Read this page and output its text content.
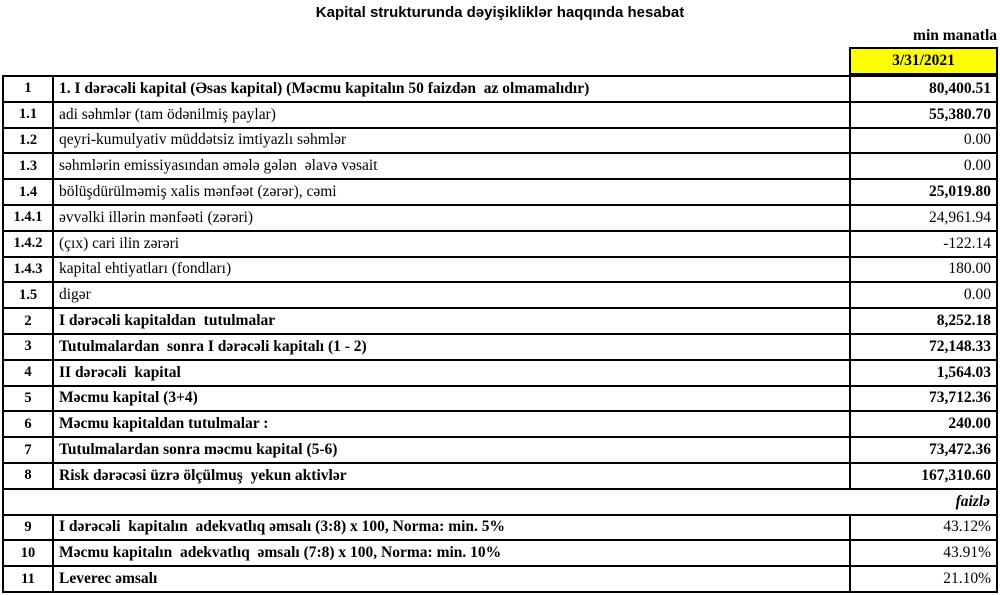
Kapital strukturunda dəyişikliklər haqqında hesabat
min manatla
3/31/2021
1	1. I dərəcəli kapital (Əsas kapital) (Məcmu kapitalın 50 faizdən  az olmamalıdır)	80,400.51
1.1	adi səhmlər (tam ödənilmiş paylar)	55,380.70
1.2	qeyri-kumulyativ müddətsiz imtiyazlı səhmlər	0.00
1.3	səhmlərin emissiyasından əmələ gələn  əlavə vəsait	0.00
1.4	bölüşdürülməmiş xalis mənfəət (zərər), cəmi	25,019.80
1.4.1	əvvəlki illərin mənfəəti (zərəri)	24,961.94
1.4.2	(çıx) cari ilin zərəri	-122.14
1.4.3	kapital ehtiyatları (fondları)	180.00
1.5	digər	0.00
2	I dərəcəli kapitaldan  tutulmalar	8,252.18
3	Tutulmalardan  sonra I dərəcəli kapitalı (1 - 2)	72,148.33
4	II dərəcəli  kapital	1,564.03
5	Məcmu kapital (3+4)	73,712.36
6	Məcmu kapitaldan tutulmalar :	240.00
7	Tutulmalardan sonra məcmu kapital (5-6)	73,472.36
8	Risk dərəcəsi üzrə ölçülmuş  yekun aktivlər	167,310.60
faizlə
9	I dərəcəli  kapitalın  adekvatlıq əmsalı (3:8) x 100, Norma: min. 5%	43.12%
10	Məcmu kapitalın  adekvatlıq  əmsalı (7:8) x 100, Norma: min. 10%	43.91%
11	Leverec əmsalı	21.10%
